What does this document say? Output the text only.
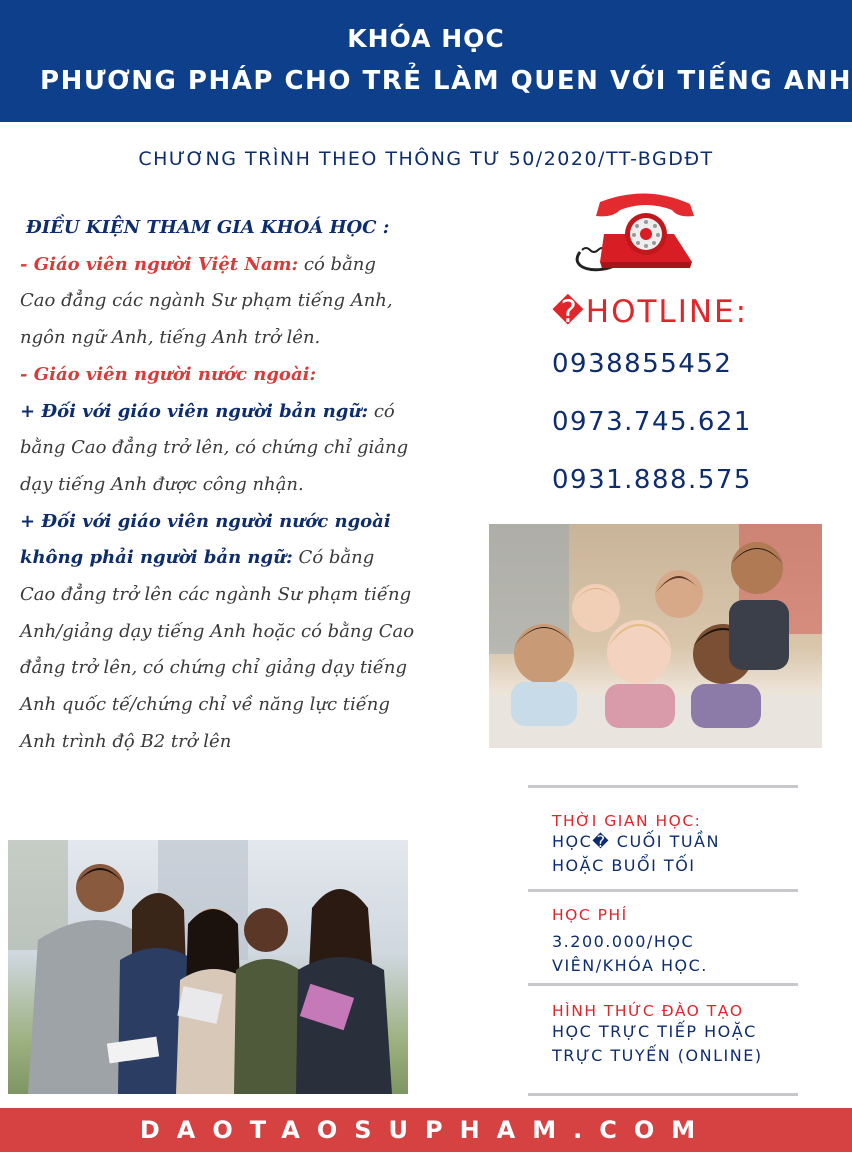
KHÓA HỌC
PHƯƠNG PHÁP CHO TRẺ LÀM QUEN VỚI TIẾNG ANH
CHƯƠNG TRÌNH THEO THÔNG TƯ 50/2020/TT-BGDĐT

ĐIỀU KIỆN THAM GIA KHOÁ HỌC :

- Giáo viên người Việt Nam: có bằng Cao đẳng các ngành Sư phạm tiếng Anh, ngôn ngữ Anh, tiếng Anh trở lên.

- Giáo viên người nước ngoài:

+ Đối với giáo viên người bản ngữ: có bằng Cao đẳng trở lên, có chứng chỉ giảng dạy tiếng Anh được công nhận.

+ Đối với giáo viên người nước ngoài không phải người bản ngữ: Có bằng Cao đẳng trở lên các ngành Sư phạm tiếng Anh/giảng dạy tiếng Anh hoặc có bằng Cao đẳng trở lên, có chứng chỉ giảng dạy tiếng Anh quốc tế/chứng chỉ về năng lực tiếng Anh trình độ B2 trở lên

�HOTLINE:
0938855452
0973.745.621
0931.888.575

THỜI GIAN HỌC:

HỌC� CUỐI TUẦN

HOẶC BUỔI TỐI

HỌC PHÍ

3.200.000/HỌC

VIÊN/KHÓA HỌC.

HÌNH THỨC ĐÀO TẠO

HỌC TRỰC TIẾP HOẶC

TRỰC TUYẾN (ONLINE)

DAOTAOSUPHAM.COM
